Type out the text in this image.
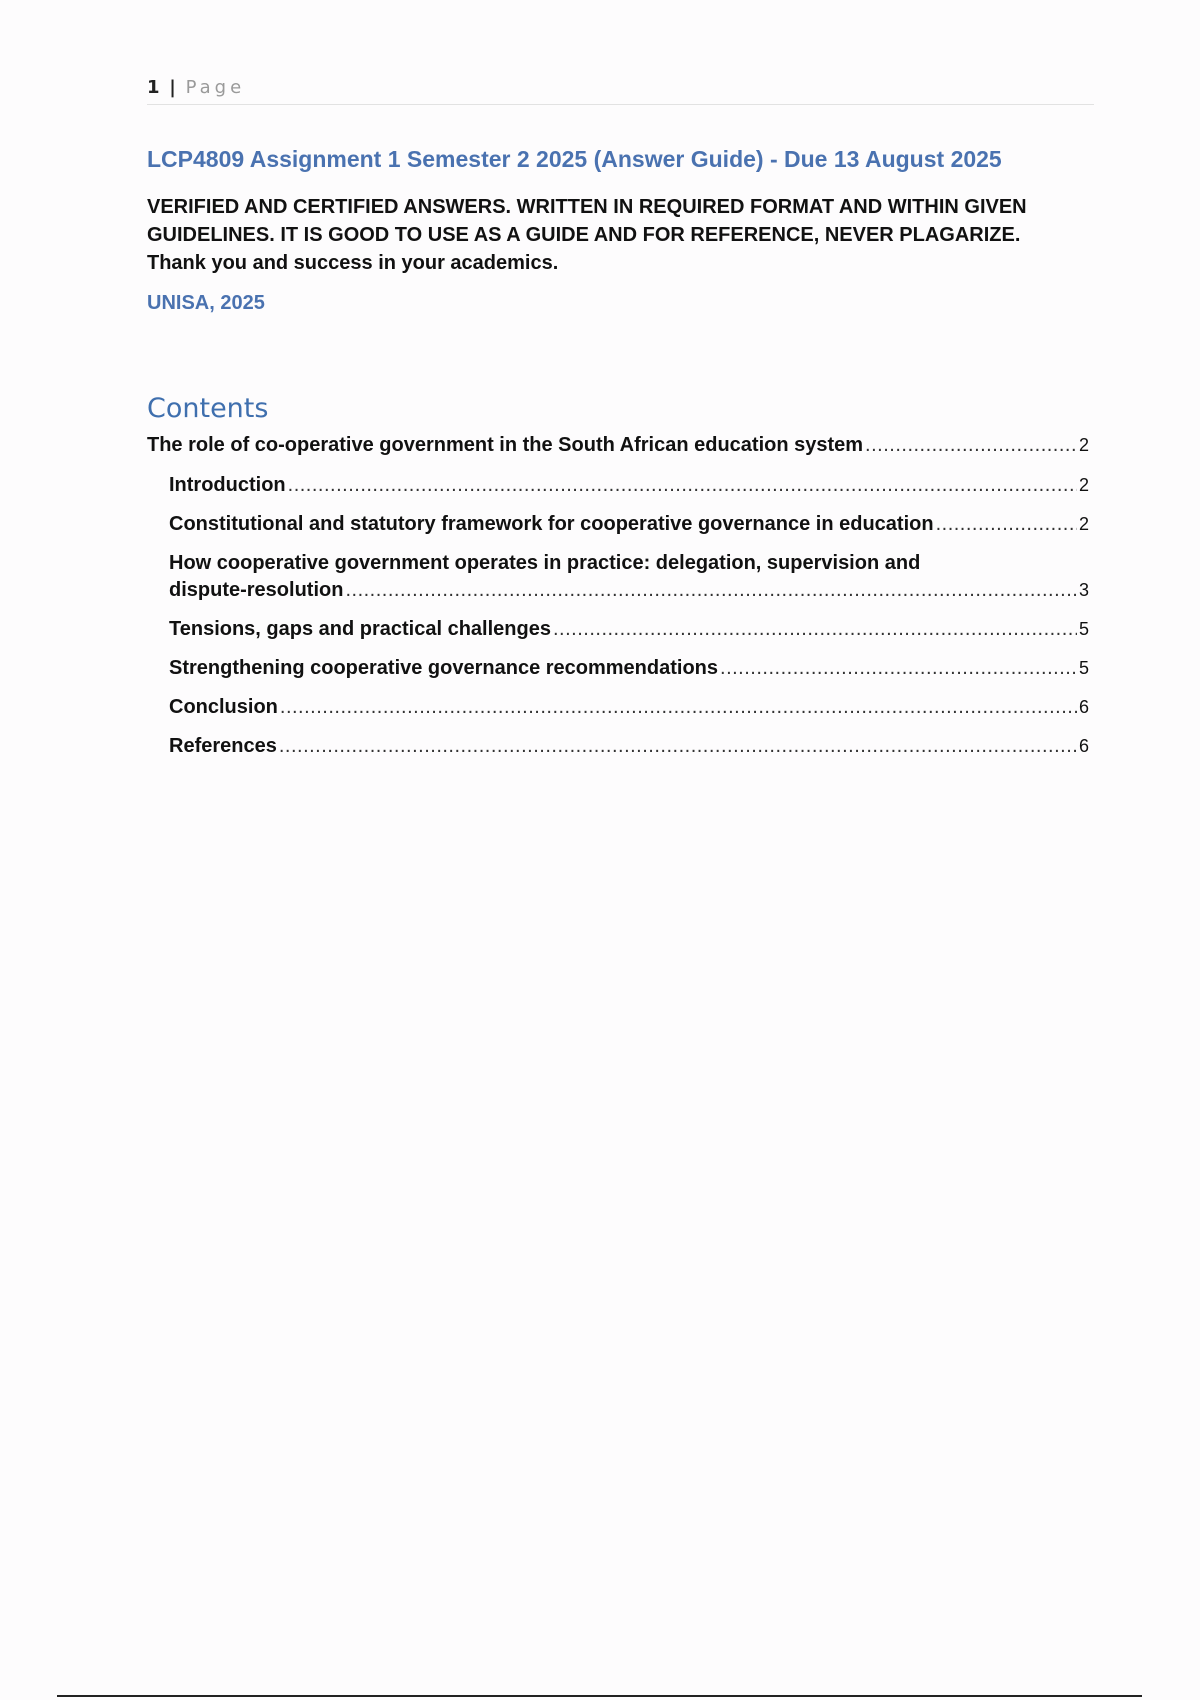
1 | Page
LCP4809 Assignment 1 Semester 2 2025 (Answer Guide) - Due 13 August 2025
VERIFIED AND CERTIFIED ANSWERS. WRITTEN IN REQUIRED FORMAT AND WITHIN GIVEN GUIDELINES. IT IS GOOD TO USE AS A GUIDE AND FOR REFERENCE, NEVER PLAGARIZE. Thank you and success in your academics.
UNISA, 2025
Contents
The role of co-operative government in the South African education system .....	2
Introduction .....	2
Constitutional and statutory framework for cooperative governance in education .....	2
How cooperative government operates in practice: delegation, supervision and
dispute-resolution .....	3
Tensions, gaps and practical challenges .....	5
Strengthening cooperative governance recommendations .....	5
Conclusion .....	6
References .....	6
